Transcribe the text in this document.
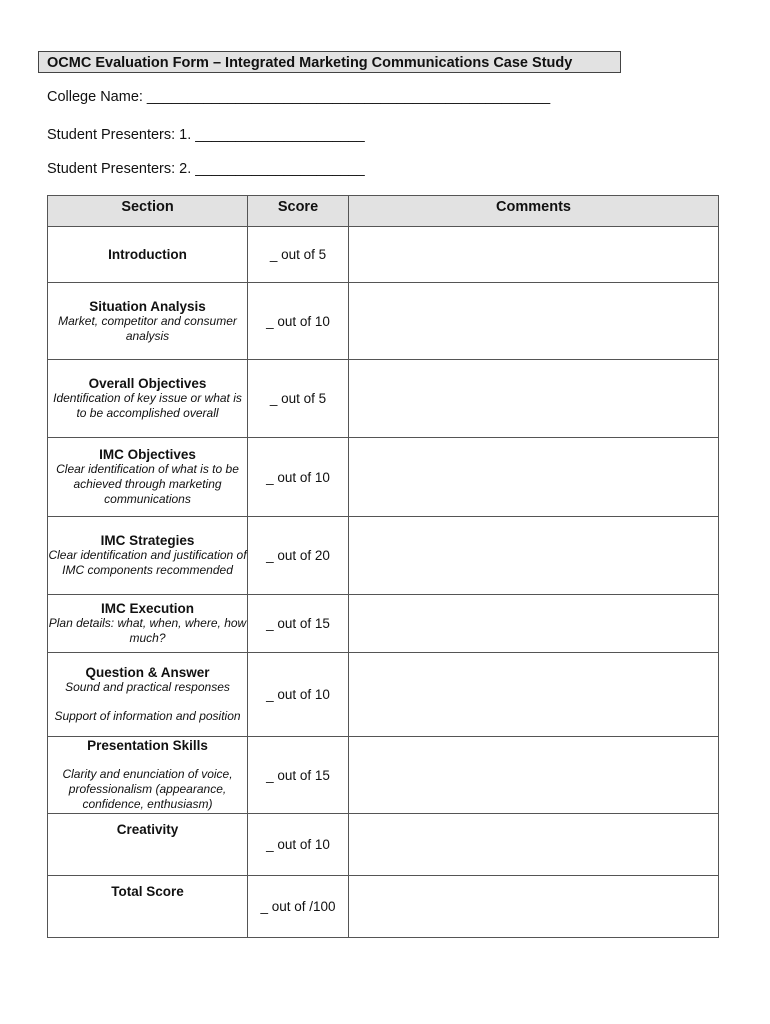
OCMC Evaluation Form – Integrated Marketing Communications Case Study
College Name: __________________________________________________
Student Presenters: 1. _____________________
Student Presenters: 2. _____________________
Section	Score	Comments

Introduction	_ out of 5	

Situation Analysis
Market, competitor and consumer analysis	_ out of 10	

Overall Objectives
Identification of key issue or what is to be accomplished overall	_ out of 5	

IMC Objectives
Clear identification of what is to be achieved through marketing communications	_ out of 10	

IMC Strategies
Clear identification and justification of IMC components recommended	_ out of 20	

IMC Execution
Plan details: what, when, where, how much?	_ out of 15	

Question & Answer
Sound and practical responses
Support of information and position	_ out of 10	

Presentation Skills
Clarity and enunciation of voice, professionalism (appearance, confidence, enthusiasm)	_ out of 15	

Creativity	_ out of 10	

Total Score	_ out of /100	
